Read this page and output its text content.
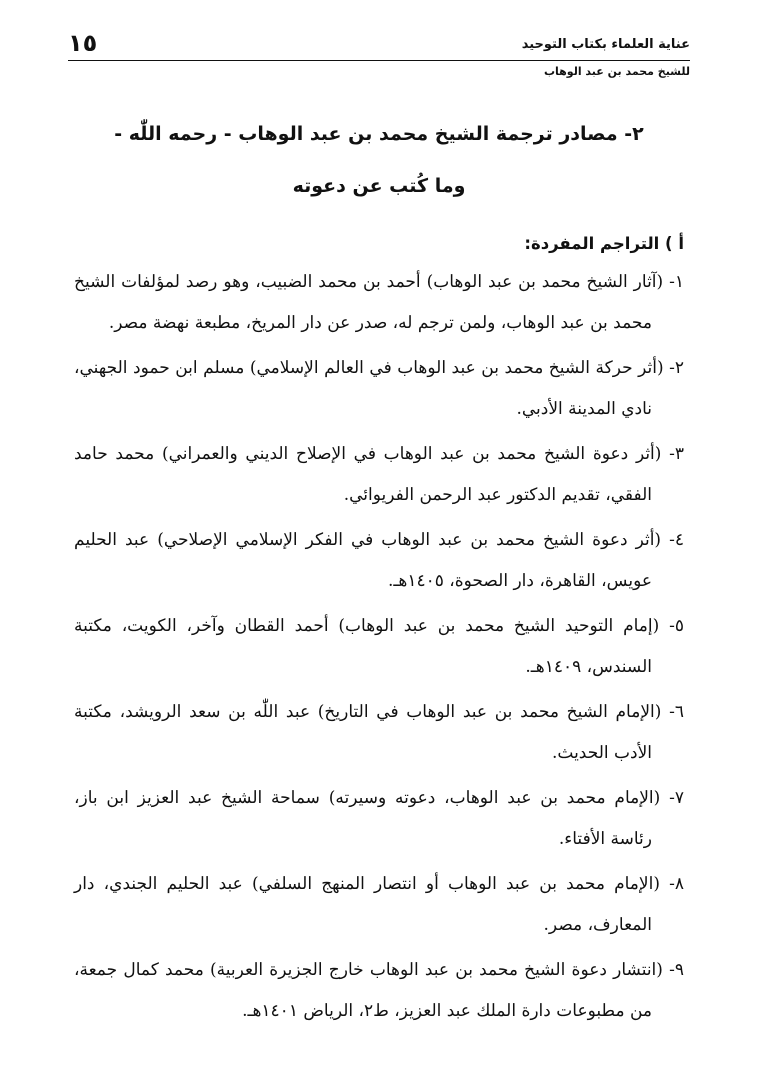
عناية العلماء بكتاب التوحيد
للشيخ محمد بن عبد الوهاب
١٥
٢- مصادر ترجمة الشيخ محمد بن عبد الوهاب - رحمه اللّٰه -
وما كُتب عن دعوته
أ ) التراجم المفردة:
١- (آثار الشيخ محمد بن عبد الوهاب) أحمد بن محمد الضبيب، وهو رصد لمؤلفات الشيخ محمد بن عبد الوهاب، ولمن ترجم له، صدر عن دار المريخ، مطبعة نهضة مصر.
٢- (أثر حركة الشيخ محمد بن عبد الوهاب في العالم الإسلامي) مسلم ابن حمود الجهني، نادي المدينة الأدبي.
٣- (أثر دعوة الشيخ محمد بن عبد الوهاب في الإصلاح الديني والعمراني) محمد حامد الفقي، تقديم الدكتور عبد الرحمن الفريوائي.
٤- (أثر دعوة الشيخ محمد بن عبد الوهاب في الفكر الإسلامي الإصلاحي) عبد الحليم عويس، القاهرة، دار الصحوة، ١٤٠٥هـ.
٥- (إمام التوحيد الشيخ محمد بن عبد الوهاب) أحمد القطان وآخر، الكويت، مكتبة السندس، ١٤٠٩هـ.
٦- (الإمام الشيخ محمد بن عبد الوهاب في التاريخ) عبد اللّٰه بن سعد الرويشد، مكتبة الأدب الحديث.
٧- (الإمام محمد بن عبد الوهاب، دعوته وسيرته) سماحة الشيخ عبد العزيز ابن باز، رئاسة الأفتاء.
٨- (الإمام محمد بن عبد الوهاب أو انتصار المنهج السلفي) عبد الحليم الجندي، دار المعارف، مصر.
٩- (انتشار دعوة الشيخ محمد بن عبد الوهاب خارج الجزيرة العربية) محمد كمال جمعة، من مطبوعات دارة الملك عبد العزيز، ط٢، الرياض ١٤٠١هـ.
